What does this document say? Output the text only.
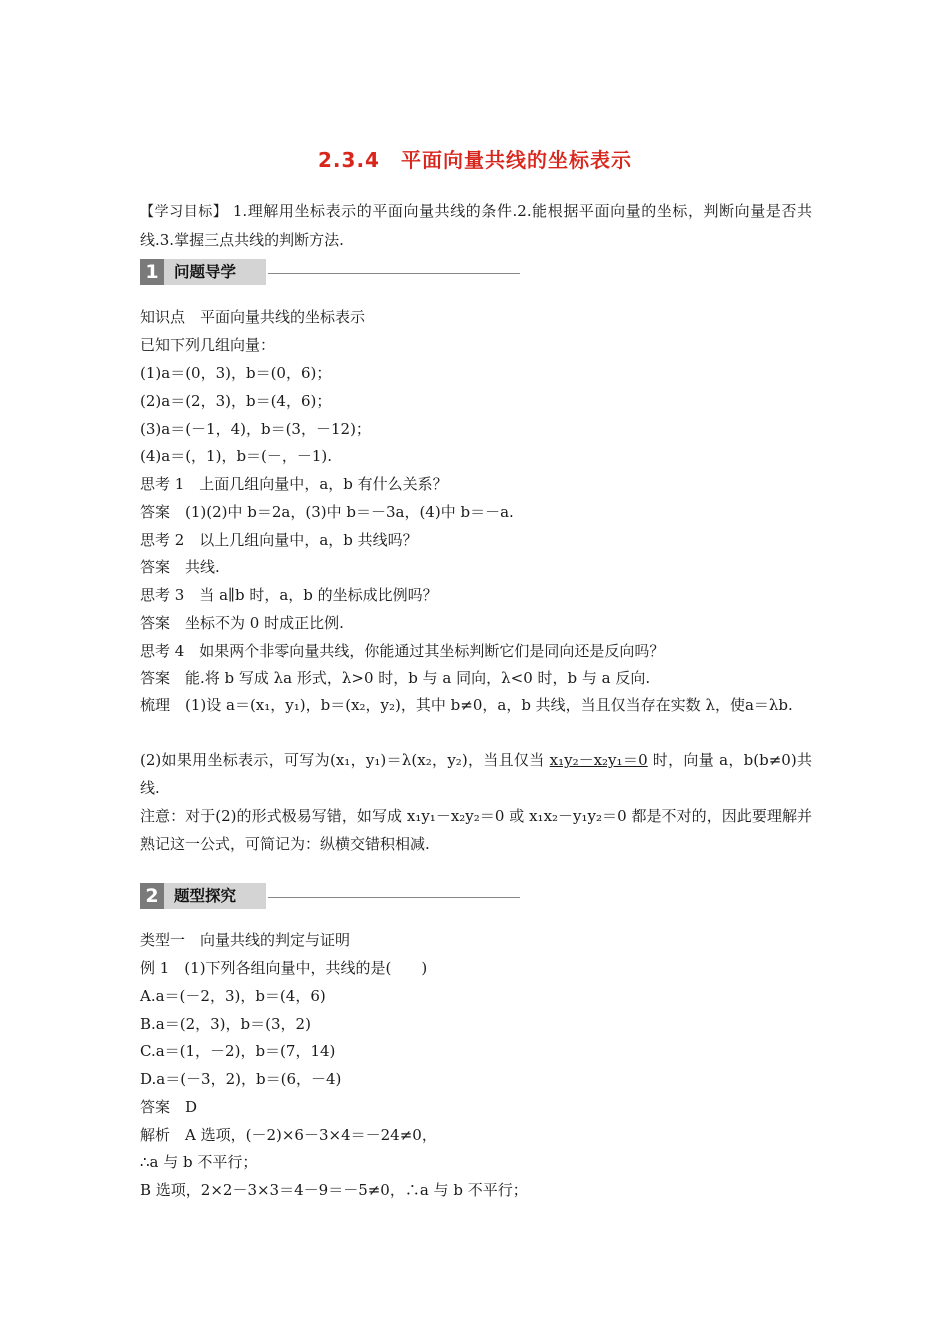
2.3.4　平面向量共线的坐标表示
【学习目标】 1.理解用坐标表示的平面向量共线的条件.2.能根据平面向量的坐标，判断向量是否共线.3.掌握三点共线的判断方法.
1 问题导学
知识点　平面向量共线的坐标表示
已知下列几组向量：
(1)a＝(0，3)，b＝(0，6)；
(2)a＝(2，3)，b＝(4，6)；
(3)a＝(－1，4)，b＝(3，－12)；
(4)a＝(，1)，b＝(－，－1).
思考 1　上面几组向量中，a，b 有什么关系？
答案　(1)(2)中 b＝2a，(3)中 b＝－3a，(4)中 b＝－a.
思考 2　以上几组向量中，a，b 共线吗？
答案　共线.
思考 3　当 a∥b 时，a，b 的坐标成比例吗？
答案　坐标不为 0 时成正比例.
思考 4　如果两个非零向量共线，你能通过其坐标判断它们是同向还是反向吗？
答案　能.将 b 写成 λa 形式，λ>0 时，b 与 a 同向，λ<0 时，b 与 a 反向.
梳理　(1)设 a＝(x₁，y₁)，b＝(x₂，y₂)，其中 b≠0，a，b 共线，当且仅当存在实数 λ，使a＝λb.
(2)如果用坐标表示，可写为(x₁，y₁)＝λ(x₂，y₂)，当且仅当 x₁y₂－x₂y₁＝0 时，向量 a，b(b≠0)共线.
注意：对于(2)的形式极易写错，如写成 x₁y₁－x₂y₂＝0 或 x₁x₂－y₁y₂＝0 都是不对的，因此要理解并熟记这一公式，可简记为：纵横交错积相减.
2 题型探究
类型一　向量共线的判定与证明
例 1　(1)下列各组向量中，共线的是(　　)
A.a＝(－2，3)，b＝(4，6)
B.a＝(2，3)，b＝(3，2)
C.a＝(1，－2)，b＝(7，14)
D.a＝(－3，2)，b＝(6，－4)
答案　D
解析　A 选项，(－2)×6－3×4＝－24≠0，
∴a 与 b 不平行；
B 选项，2×2－3×3＝4－9＝－5≠0，∴a 与 b 不平行；
